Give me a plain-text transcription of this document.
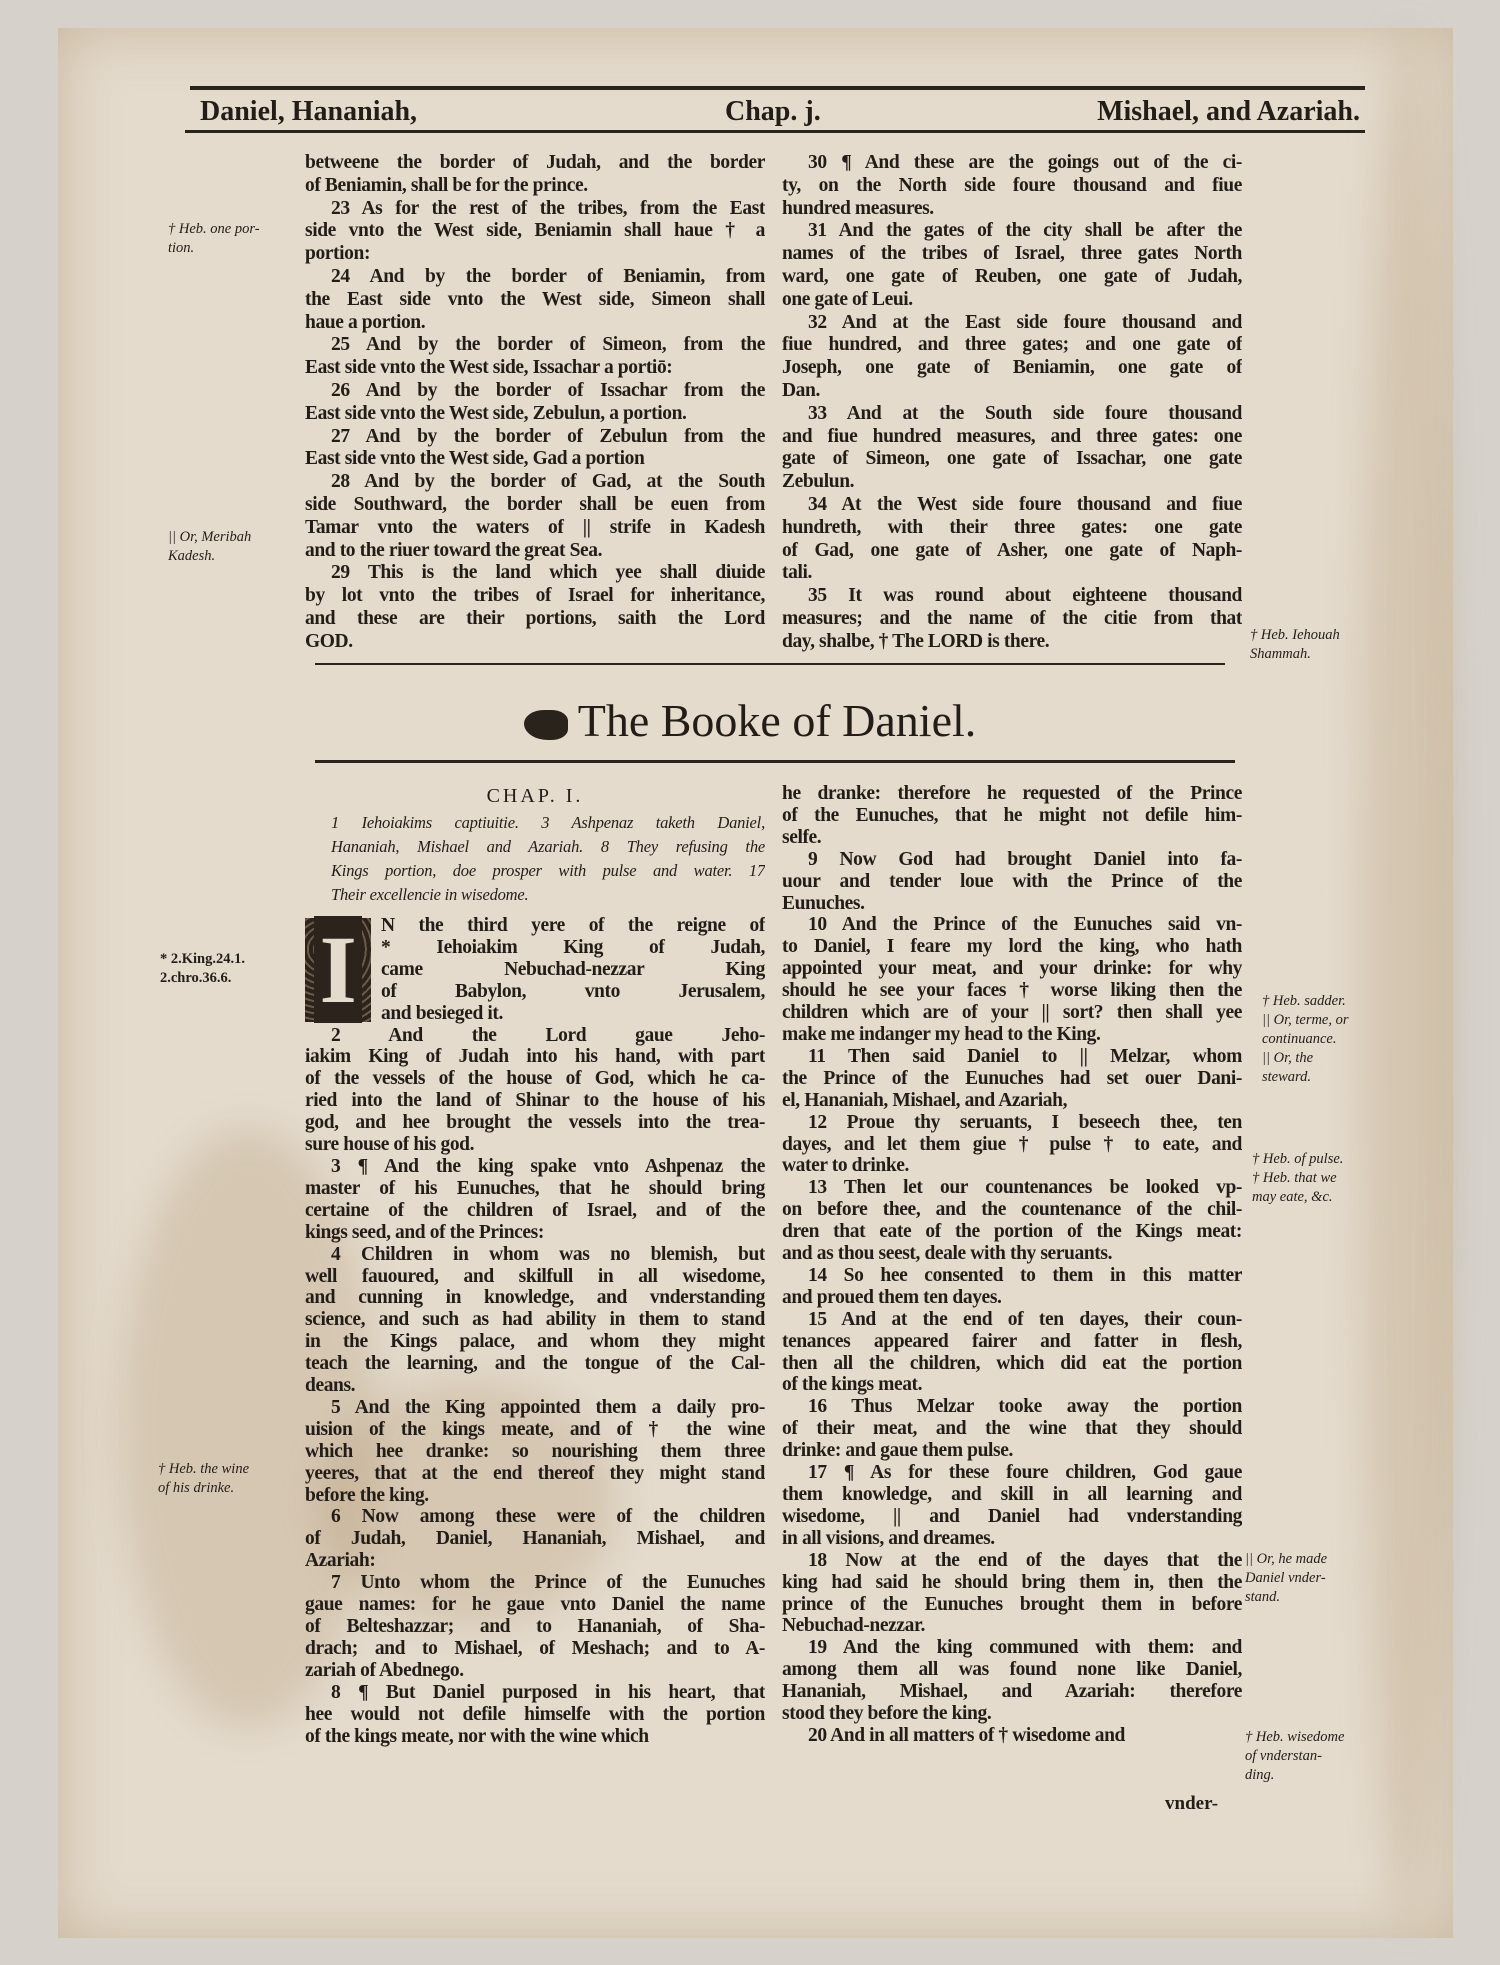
Daniel, Hananiah,	Chap. j.	Mishael, and Azariah.
betweene the border of Judah, and the border
of Beniamin, shall be for the prince.
23 As for the rest of the tribes, from the East
side vnto the West side, Beniamin shall haue † a
portion:
24 And by the border of Beniamin, from
the East side vnto the West side, Simeon shall
haue a portion.
25 And by the border of Simeon, from the
East side vnto the West side, Issachar a portiō:
26 And by the border of Issachar from the
East side vnto the West side, Zebulun, a portion.
27 And by the border of Zebulun from the
East side vnto the West side, Gad a portion
28 And by the border of Gad, at the South
side Southward, the border shall be euen from
Tamar vnto the waters of || strife in Kadesh
and to the riuer toward the great Sea.
29 This is the land which yee shall diuide
by lot vnto the tribes of Israel for inheritance,
and these are their portions, saith the Lord
GOD.
30 ¶ And these are the goings out of the ci-
ty, on the North side foure thousand and fiue
hundred measures.
31 And the gates of the city shall be after the
names of the tribes of Israel, three gates North
ward, one gate of Reuben, one gate of Judah,
one gate of Leui.
32 And at the East side foure thousand and
fiue hundred, and three gates; and one gate of
Joseph, one gate of Beniamin, one gate of
Dan.
33 And at the South side foure thousand
and fiue hundred measures, and three gates: one
gate of Simeon, one gate of Issachar, one gate
Zebulun.
34 At the West side foure thousand and fiue
hundreth, with their three gates: one gate
of Gad, one gate of Asher, one gate of Naph-
tali.
35 It was round about eighteene thousand
measures; and the name of the citie from that
day, shalbe, † The LORD is there.
The Booke of Daniel.
CHAP. I.
1 Iehoiakims captiuitie. 3 Ashpenaz taketh Daniel,
Hananiah, Mishael and Azariah. 8 They refusing the
Kings portion, doe prosper with pulse and water. 17
Their excellencie in wisedome.
I	N the third yere of the reigne of
* Iehoiakim King of Judah,
came Nebuchad-nezzar King
of Babylon, vnto Jerusalem,
and besieged it.
2 And the Lord gaue Jeho-
iakim King of Judah into his hand, with part
of the vessels of the house of God, which he ca-
ried into the land of Shinar to the house of his
god, and hee brought the vessels into the trea-
sure house of his god.
3 ¶ And the king spake vnto Ashpenaz the
master of his Eunuches, that he should bring
certaine of the children of Israel, and of the
kings seed, and of the Princes:
4 Children in whom was no blemish, but
well fauoured, and skilfull in all wisedome,
and cunning in knowledge, and vnderstanding
science, and such as had ability in them to stand
in the Kings palace, and whom they might
teach the learning, and the tongue of the Cal-
deans.
5 And the King appointed them a daily pro-
uision of the kings meate, and of † the wine
which hee dranke: so nourishing them three
yeeres, that at the end thereof they might stand
before the king.
6 Now among these were of the children
of Judah, Daniel, Hananiah, Mishael, and
Azariah:
7 Unto whom the Prince of the Eunuches
gaue names: for he gaue vnto Daniel the name
of Belteshazzar; and to Hananiah, of Sha-
drach; and to Mishael, of Meshach; and to A-
zariah of Abednego.
8 ¶ But Daniel purposed in his heart, that
hee would not defile himselfe with the portion
of the kings meate, nor with the wine which
he dranke: therefore he requested of the Prince
of the Eunuches, that he might not defile him-
selfe.
9 Now God had brought Daniel into fa-
uour and tender loue with the Prince of the
Eunuches.
10 And the Prince of the Eunuches said vn-
to Daniel, I feare my lord the king, who hath
appointed your meat, and your drinke: for why
should he see your faces † worse liking then the
children which are of your || sort? then shall yee
make me indanger my head to the King.
11 Then said Daniel to || Melzar, whom
the Prince of the Eunuches had set ouer Dani-
el, Hananiah, Mishael, and Azariah,
12 Proue thy seruants, I beseech thee, ten
dayes, and let them giue † pulse † to eate, and
water to drinke.
13 Then let our countenances be looked vp-
on before thee, and the countenance of the chil-
dren that eate of the portion of the Kings meat:
and as thou seest, deale with thy seruants.
14 So hee consented to them in this matter
and proued them ten dayes.
15 And at the end of ten dayes, their coun-
tenances appeared fairer and fatter in flesh,
then all the children, which did eat the portion
of the kings meat.
16 Thus Melzar tooke away the portion
of their meat, and the wine that they should
drinke: and gaue them pulse.
17 ¶ As for these foure children, God gaue
them knowledge, and skill in all learning and
wisedome, || and Daniel had vnderstanding
in all visions, and dreames.
18 Now at the end of the dayes that the
king had said he should bring them in, then the
prince of the Eunuches brought them in before
Nebuchad-nezzar.
19 And the king communed with them: and
among them all was found none like Daniel,
Hananiah, Mishael, and Azariah: therefore
stood they before the king.
20 And in all matters of † wisedome and
vnder-
† Heb. one por-
tion.
|| Or, Meribah
Kadesh.
† Heb. Iehouah
Shammah.
* 2.King.24.1.
2.chro.36.6.
† Heb. sadder.
|| Or, terme, or
continuance.
|| Or, the
steward.
† Heb. of pulse.
† Heb. that we
may eate, &c.
† Heb. the wine
of his drinke.
|| Or, he made
Daniel vnder-
stand.
† Heb. wisedome
of vnderstan-
ding.
